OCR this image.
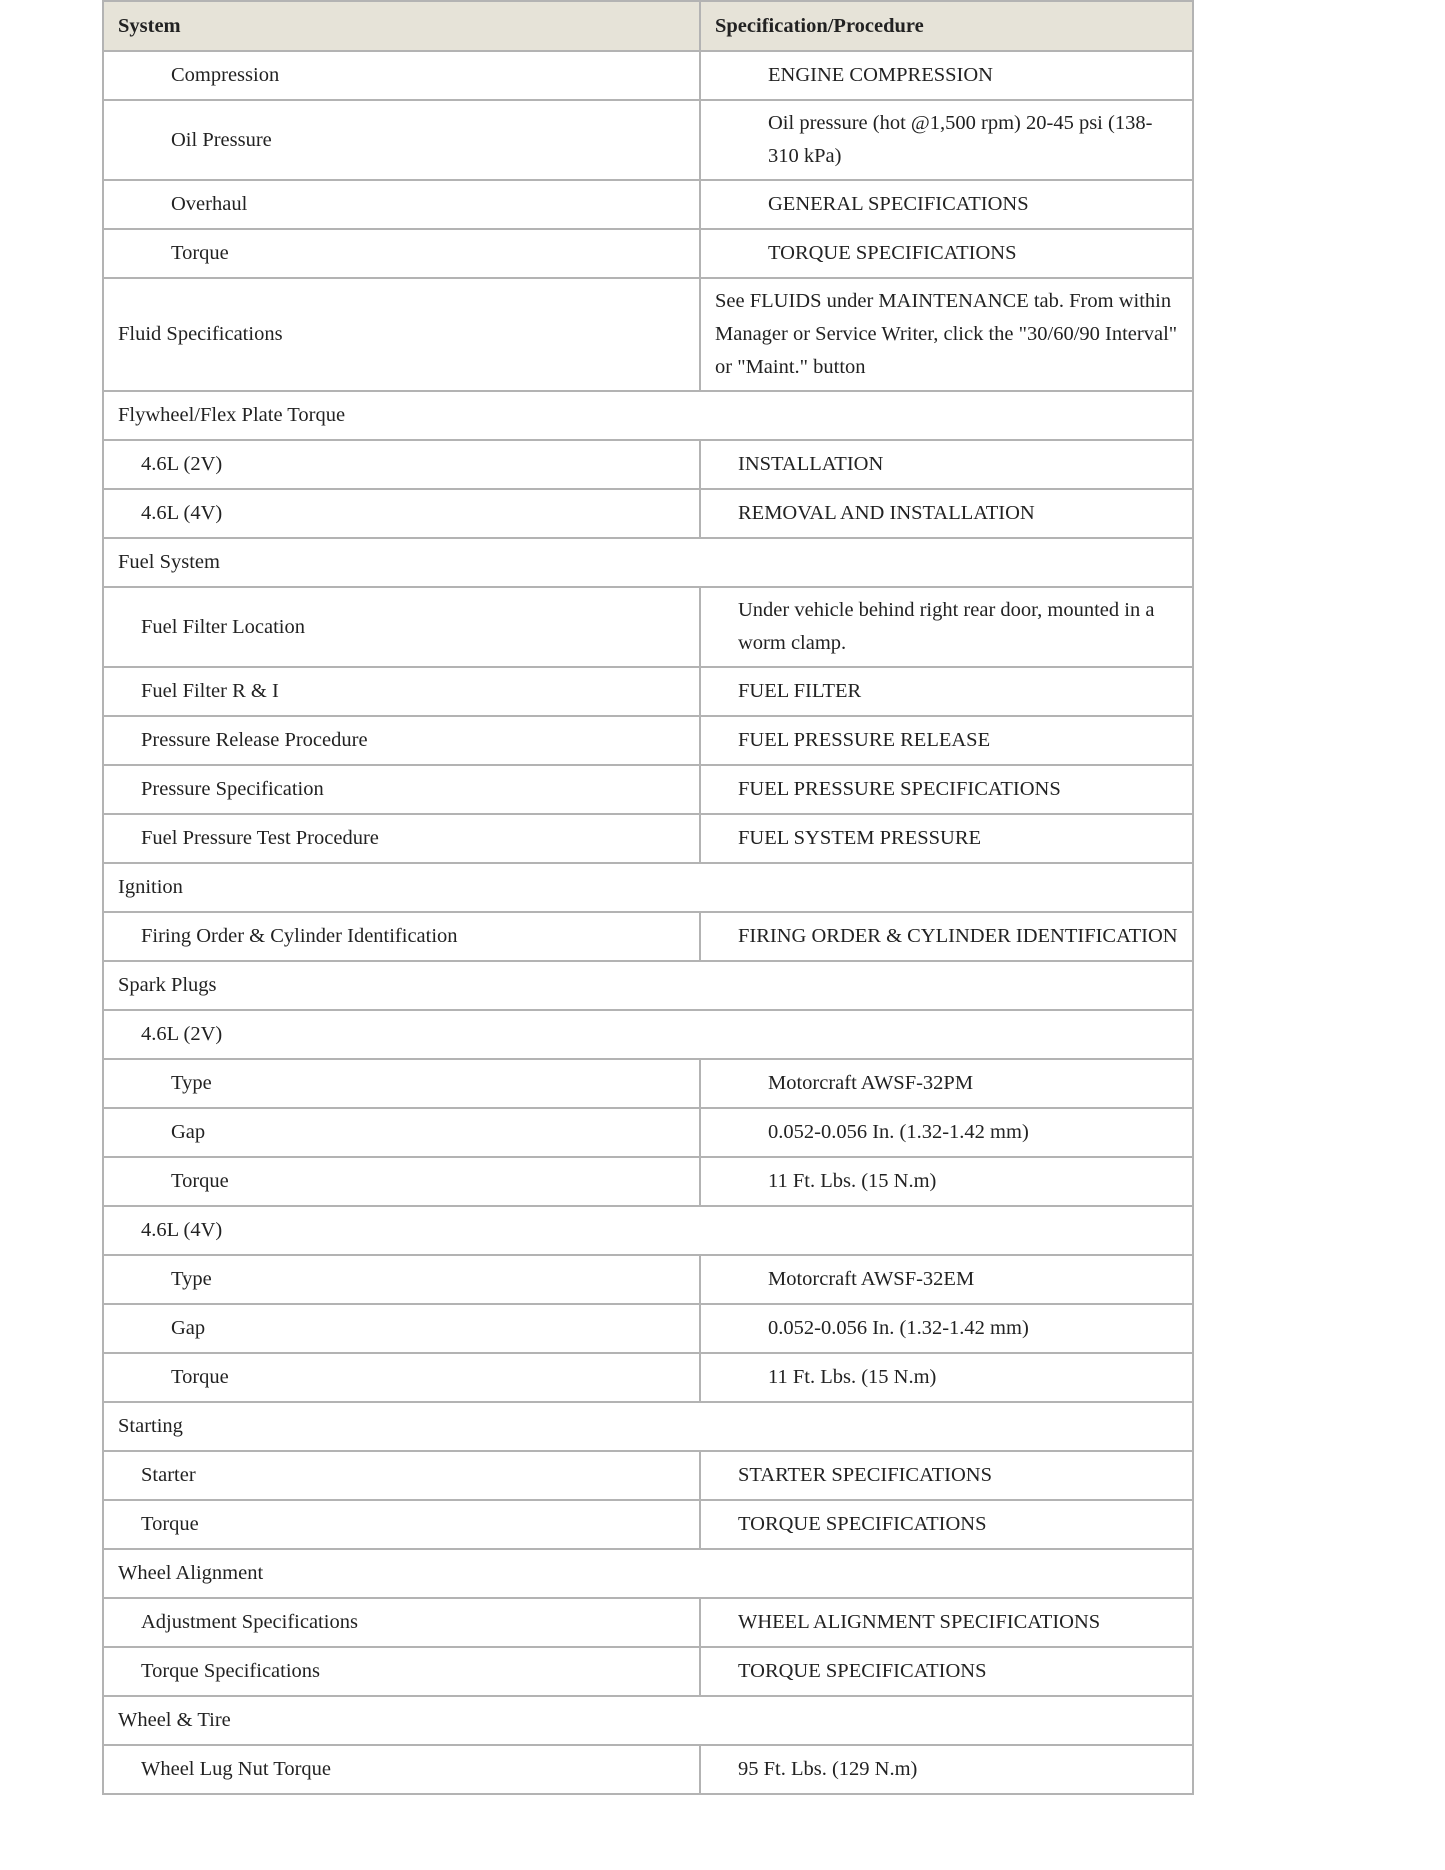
System	Specification/Procedure
Compression	ENGINE COMPRESSION
Oil Pressure	Oil pressure (hot @1,500 rpm) 20-45 psi (138-310 kPa)
Overhaul	GENERAL SPECIFICATIONS
Torque	TORQUE SPECIFICATIONS
Fluid Specifications	See FLUIDS under MAINTENANCE tab. From within Manager or Service Writer, click the "30/60/90 Interval" or "Maint." button
Flywheel/Flex Plate Torque	
4.6L (2V)	INSTALLATION
4.6L (4V)	REMOVAL AND INSTALLATION
Fuel System	
Fuel Filter Location	Under vehicle behind right rear door, mounted in a worm clamp.
Fuel Filter R & I	FUEL FILTER
Pressure Release Procedure	FUEL PRESSURE RELEASE
Pressure Specification	FUEL PRESSURE SPECIFICATIONS
Fuel Pressure Test Procedure	FUEL SYSTEM PRESSURE
Ignition	
Firing Order & Cylinder Identification	FIRING ORDER & CYLINDER IDENTIFICATION
Spark Plugs	
4.6L (2V)	
Type	Motorcraft AWSF-32PM
Gap	0.052-0.056 In. (1.32-1.42 mm)
Torque	11 Ft. Lbs. (15 N.m)
4.6L (4V)	
Type	Motorcraft AWSF-32EM
Gap	0.052-0.056 In. (1.32-1.42 mm)
Torque	11 Ft. Lbs. (15 N.m)
Starting	
Starter	STARTER SPECIFICATIONS
Torque	TORQUE SPECIFICATIONS
Wheel Alignment	
Adjustment Specifications	WHEEL ALIGNMENT SPECIFICATIONS
Torque Specifications	TORQUE SPECIFICATIONS
Wheel & Tire	
Wheel Lug Nut Torque	95 Ft. Lbs. (129 N.m)
